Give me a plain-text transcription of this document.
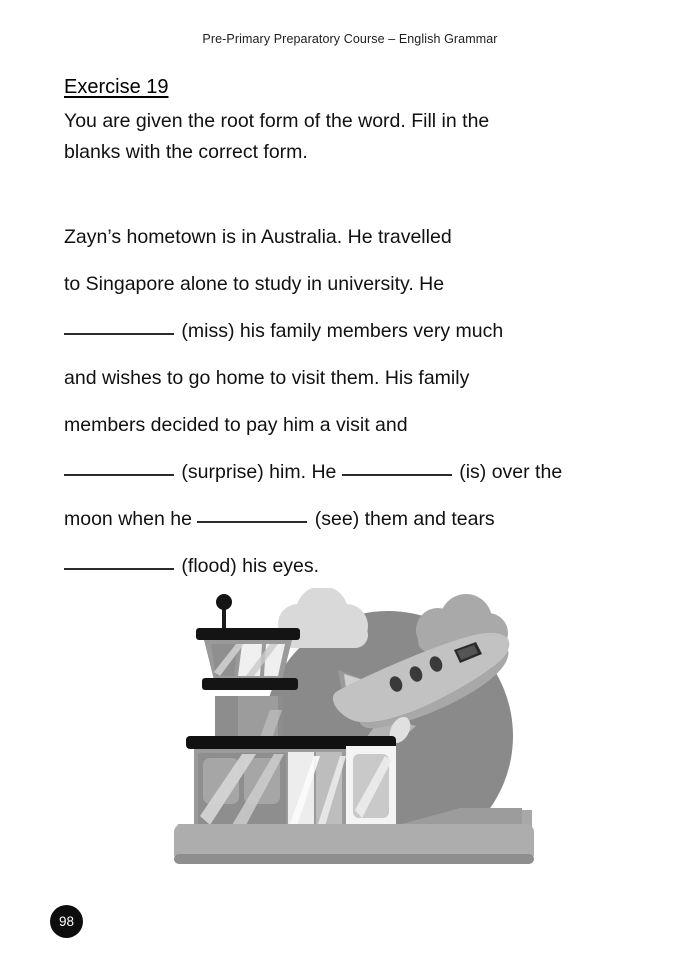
Pre-Primary Preparatory Course – English Grammar
Exercise 19
You are given the root form of the word. Fill in the blanks with the correct form.
Zayn’s hometown is in Australia. He travelled
to Singapore alone to study in university. He
(miss) his family members very much
and wishes to go home to visit them. His family
members decided to pay him a visit and
(surprise) him. He	(is) over the
moon when he	(see) them and tears
(flood) his eyes.
98
